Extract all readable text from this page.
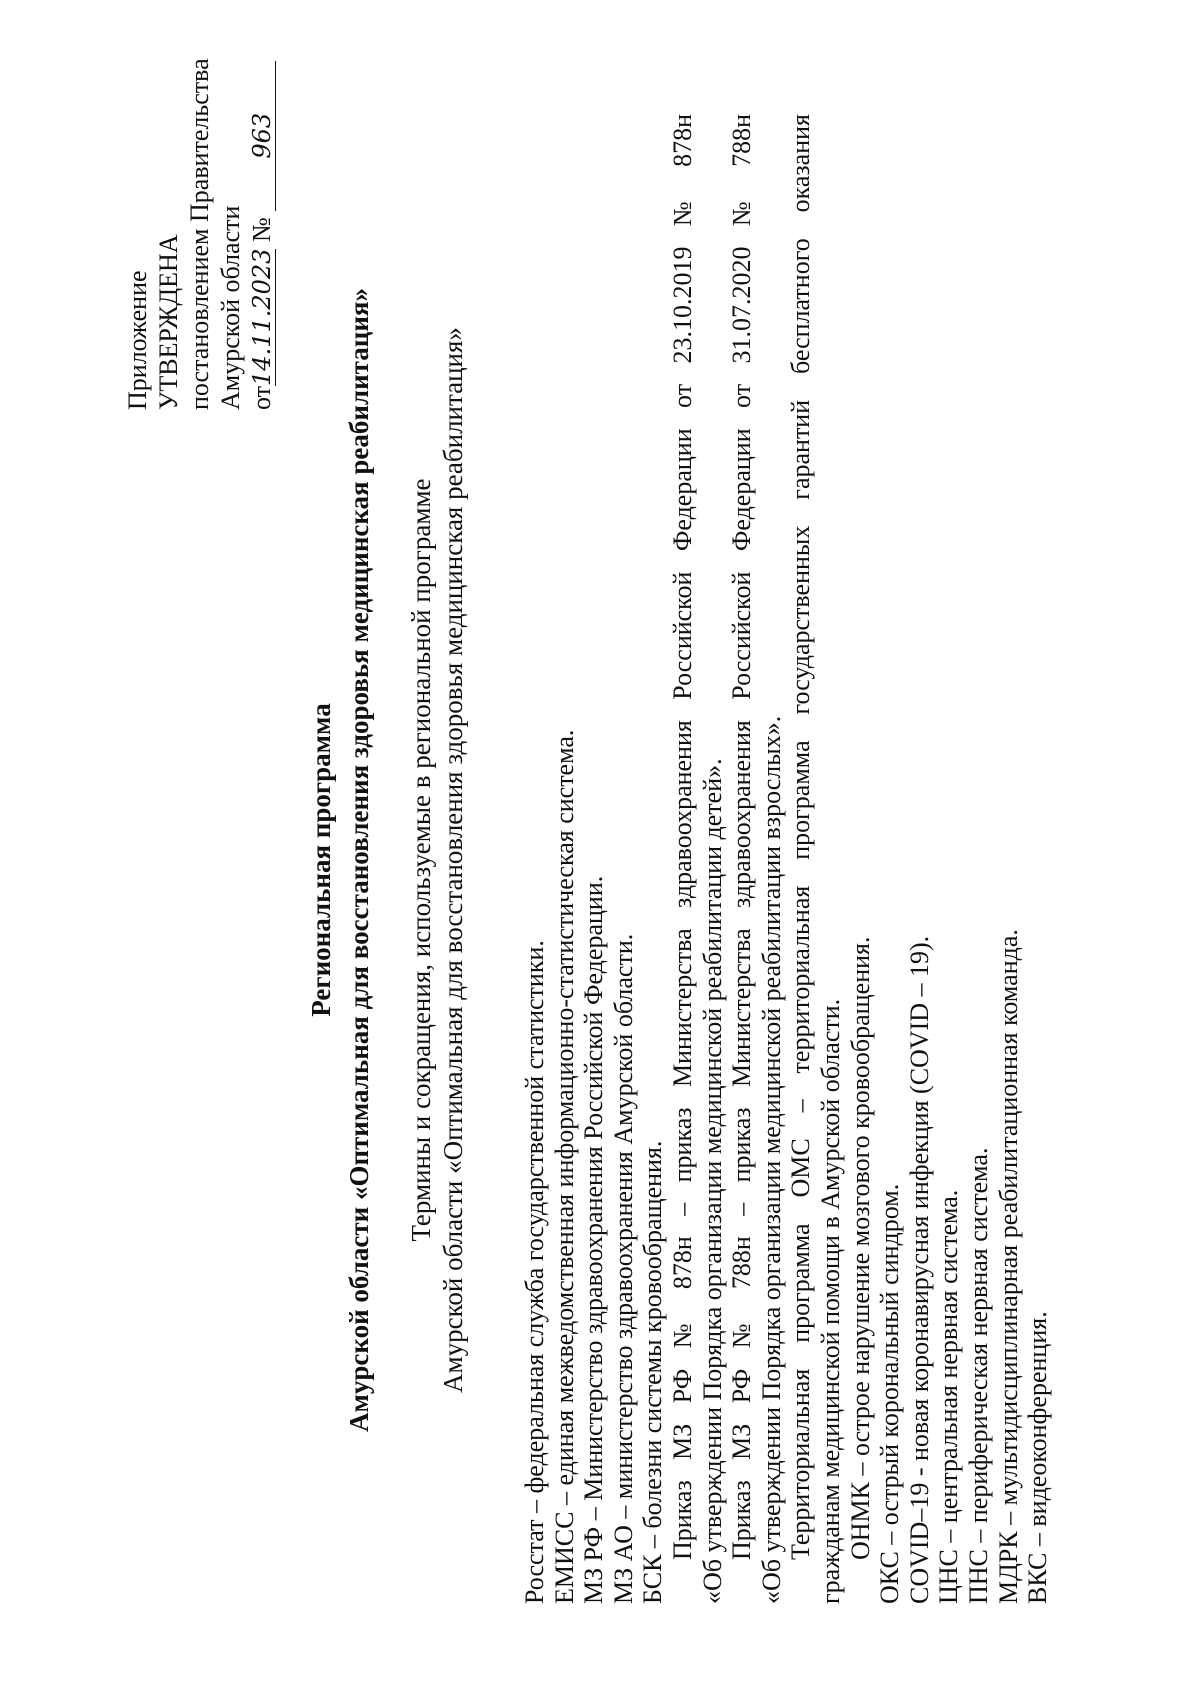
Приложение УТВЕРЖДЕНА постановлением Правительства Амурской области от14.11.2023 № 963
Региональная программа Амурской области «Оптимальная для восстановления здоровья медицинская реабилитация» Термины и сокращения, используемые в региональной программе Амурской области «Оптимальная для восстановления здоровья медицинская реабилитация» Росстат – федеральная служба государственной статистики. ЕМИСС – единая межведомственная информационно-статистическая система. МЗ РФ – Министерство здравоохранения Российской Федерации. МЗ АО – министерство здравоохранения Амурской области. БСК – болезни системы кровообращения. Приказ МЗ РФ № 878н – приказ Министерства здравоохранения Российской Федерации от 23.10.2019 № 878н «Об утверждении Порядка организации медицинской реабилитации детей». Приказ МЗ РФ № 788н – приказ Министерства здравоохранения Российской Федерации от 31.07.2020 № 788н «Об утверждении Порядка организации медицинской реабилитации взрослых». Территориальная программа ОМС – территориальная программа государственных гарантий бесплатного оказания гражданам медицинской помощи в Амурской области. ОНМК – острое нарушение мозгового кровообращения. ОКС – острый корональный синдром. COVID–19 - новая коронавирусная инфекция (COVID – 19). ЦНС – центральная нервная система. ПНС – периферическая нервная система. МДРК – мультидисциплинарная реабилитационная команда. ВКС – видеоконференция.
